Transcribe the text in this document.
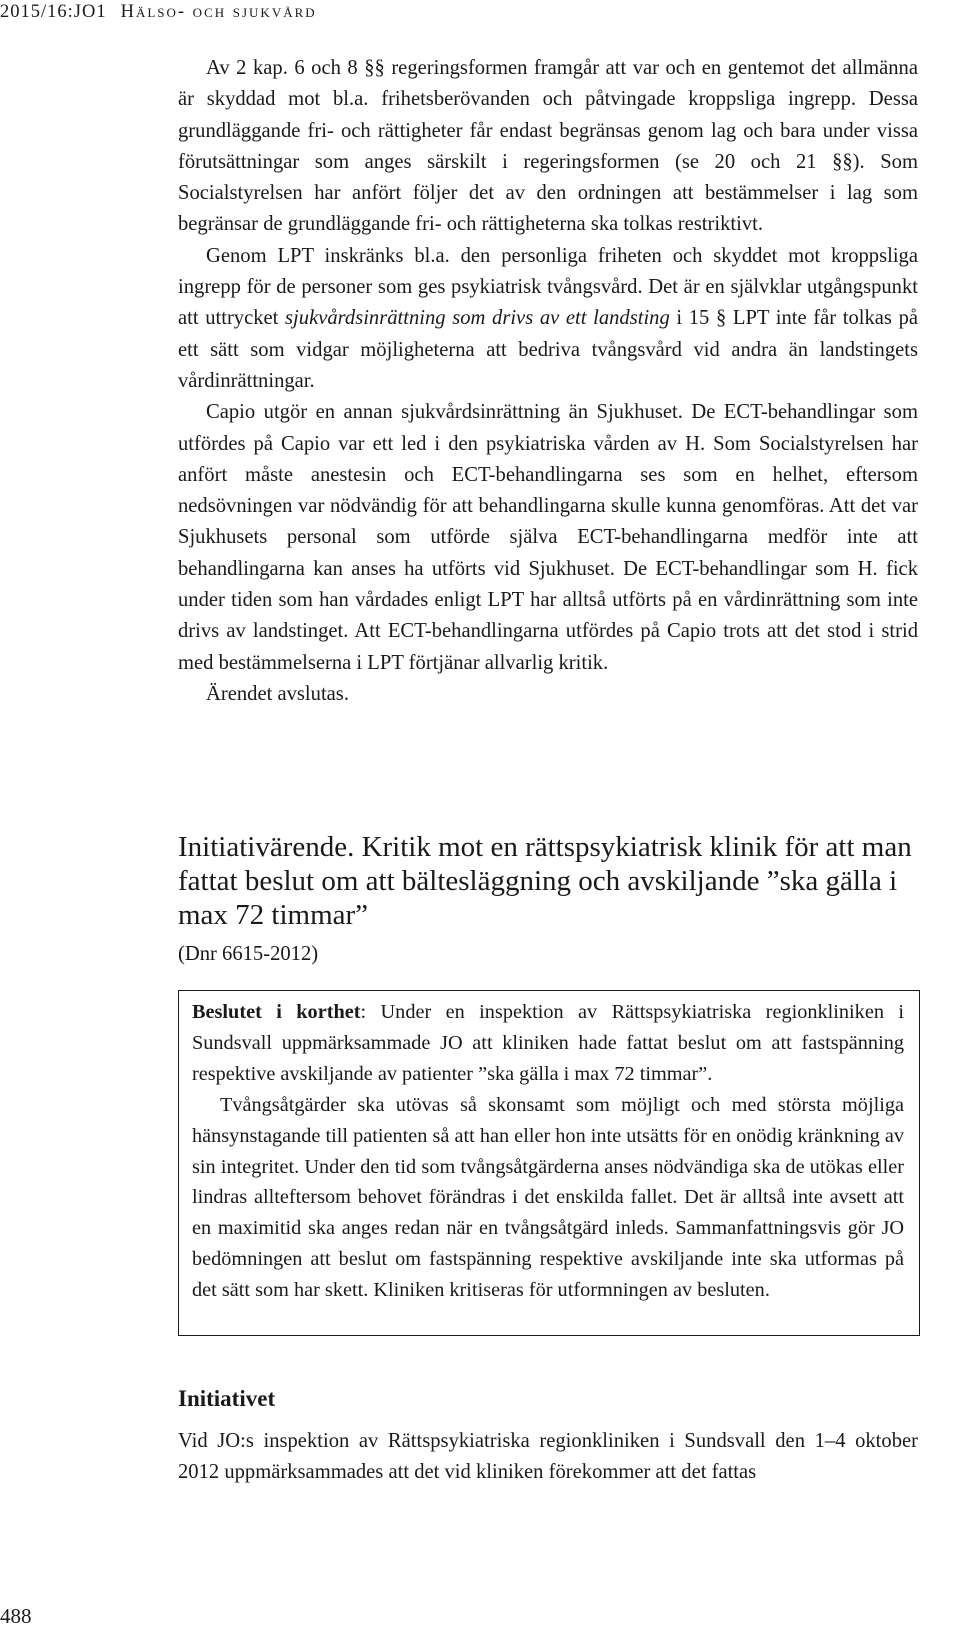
2015/16:JO1 Hälso- och sjukvård

Av 2 kap. 6 och 8 §§ regeringsformen framgår att var och en gentemot det allmänna är skyddad mot bl.a. frihetsberövanden och påtvingade kroppsliga ingrepp. Dessa grundläggande fri- och rättigheter får endast begränsas genom lag och bara under vissa förutsättningar som anges särskilt i regeringsformen (se 20 och 21 §§). Som Socialstyrelsen har anfört följer det av den ordningen att bestämmelser i lag som begränsar de grundläggande fri- och rättigheterna ska tolkas restriktivt.
Genom LPT inskränks bl.a. den personliga friheten och skyddet mot kroppsliga ingrepp för de personer som ges psykiatrisk tvångsvård. Det är en självklar utgångspunkt att uttrycket sjukvårdsinrättning som drivs av ett landsting i 15 § LPT inte får tolkas på ett sätt som vidgar möjligheterna att bedriva tvångsvård vid andra än landstingets vårdinrättningar.
Capio utgör en annan sjukvårdsinrättning än Sjukhuset. De ECT-behandlingar som utfördes på Capio var ett led i den psykiatriska vården av H. Som Socialstyrelsen har anfört måste anestesin och ECT-behandlingarna ses som en helhet, eftersom nedsövningen var nödvändig för att behandlingarna skulle kunna genomföras. Att det var Sjukhusets personal som utförde själva ECT-behandlingarna medför inte att behandlingarna kan anses ha utförts vid Sjukhuset. De ECT-behandlingar som H. fick under tiden som han vårdades enligt LPT har alltså utförts på en vårdinrättning som inte drivs av landstinget. Att ECT-behandlingarna utfördes på Capio trots att det stod i strid med bestämmelserna i LPT förtjänar allvarlig kritik.
Ärendet avslutas.

Initiativärende. Kritik mot en rättspsykiatrisk klinik för att man fattat beslut om att bältesläggning och avskiljande ”ska gälla i max 72 timmar”
(Dnr 6615-2012)

Beslutet i korthet: Under en inspektion av Rättspsykiatriska regionkliniken i Sundsvall uppmärksammade JO att kliniken hade fattat beslut om att fastspänning respektive avskiljande av patienter ”ska gälla i max 72 timmar”.

Tvångsåtgärder ska utövas så skonsamt som möjligt och med största möjliga hänsynstagande till patienten så att han eller hon inte utsätts för en onödig kränkning av sin integritet. Under den tid som tvångsåtgärderna anses nödvändiga ska de utökas eller lindras allteftersom behovet förändras i det enskilda fallet. Det är alltså inte avsett att en maximitid ska anges redan när en tvångsåtgärd inleds. Sammanfattningsvis gör JO bedömningen att beslut om fastspänning respektive avskiljande inte ska utformas på det sätt som har skett. Kliniken kritiseras för utformningen av besluten.

Initiativet

Vid JO:s inspektion av Rättspsykiatriska regionkliniken i Sundsvall den 1–4 oktober 2012 uppmärksammades att det vid kliniken förekommer att det fattas

488
